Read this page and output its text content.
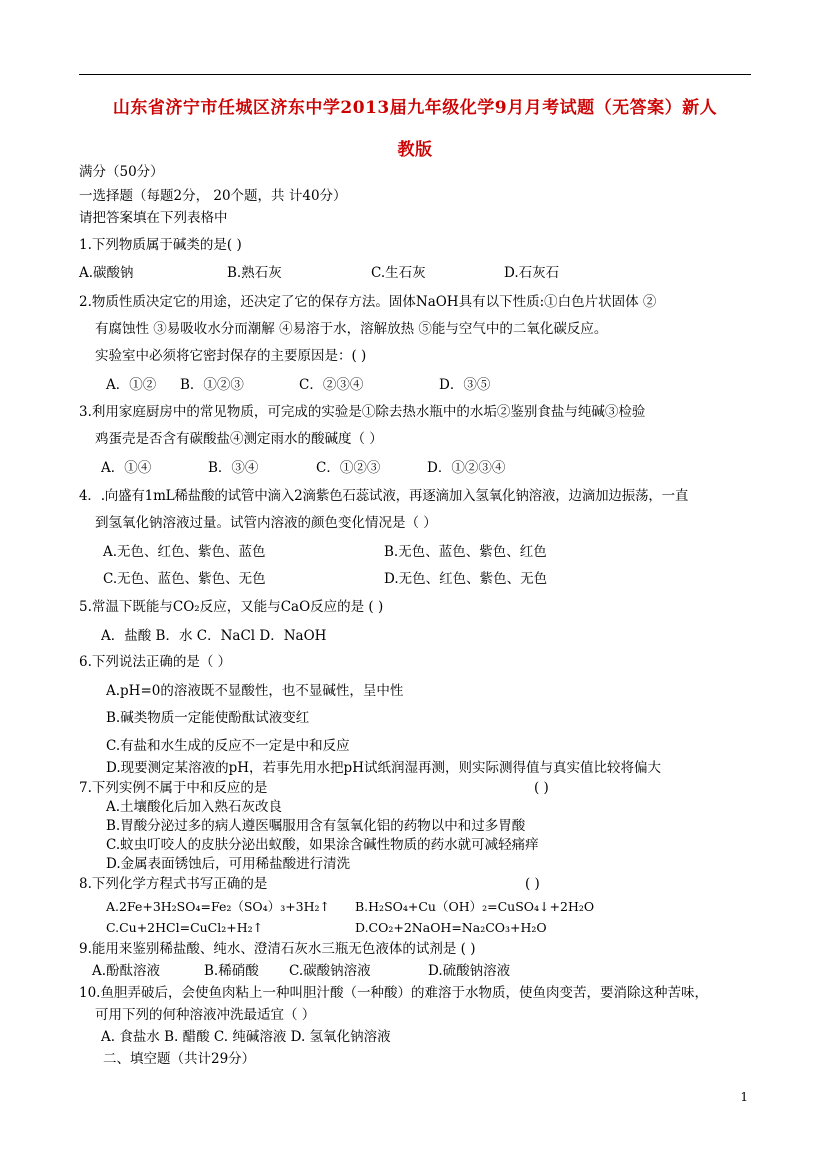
山东省济宁市任城区济东中学2013届九年级化学9月月考试题（无答案）新人
教版
满分（50分）
一选择题（每题2分， 20个题，共 计40分）
请把答案填在下列表格中
1.下列物质属于碱类的是( )
A.碳酸钠	B.熟石灰	C.生石灰	D.石灰石
2.物质性质决定它的用途，还决定了它的保存方法。固体NaOH具有以下性质:①白色片状固体 ②
有腐蚀性 ③易吸收水分而潮解 ④易溶于水，溶解放热 ⑤能与空气中的二氧化碳反应。
实验室中必须将它密封保存的主要原因是：( )
A．①② B．①②③	C．②③④	D．③⑤
3.利用家庭厨房中的常见物质，可完成的实验是①除去热水瓶中的水垢②鉴别食盐与纯碱③检验
鸡蛋壳是否含有碳酸盐④测定雨水的酸碱度（ ）
A．①④	B．③④	C．①②③	D．①②③④
4．.向盛有1mL稀盐酸的试管中滴入2滴紫色石蕊试液，再逐滴加入氢氧化钠溶液，边滴加边振荡，一直
到氢氧化钠溶液过量。试管内溶液的颜色变化情况是（ ）
A.无色、红色、紫色、蓝色	B.无色、蓝色、紫色、红色
C.无色、蓝色、紫色、无色	D.无色、红色、紫色、无色
5.常温下既能与CO₂反应，又能与CaO反应的是 ( )
A．盐酸 B．水 C．NaCl D．NaOH
6.下列说法正确的是（ ）
A.pH=0的溶液既不显酸性，也不显碱性，呈中性
B.碱类物质一定能使酚酞试液变红
C.有盐和水生成的反应不一定是中和反应
D.现要测定某溶液的pH，若事先用水把pH试纸润湿再测，则实际测得值与真实值比较将偏大
7.下列实例不属于中和反应的是	( )
A.土壤酸化后加入熟石灰改良
B.胃酸分泌过多的病人遵医嘱服用含有氢氧化铝的药物以中和过多胃酸
C.蚊虫叮咬人的皮肤分泌出蚁酸，如果涂含碱性物质的药水就可减轻痛痒
D.金属表面锈蚀后，可用稀盐酸进行清洗
8.下列化学方程式书写正确的是	( )
A.2Fe+3H₂SO₄=Fe₂（SO₄）₃+3H₂↑ B.H₂SO₄+Cu（OH）₂=CuSO₄↓+2H₂O
C.Cu+2HCl=CuCl₂+H₂↑	D.CO₂+2NaOH=Na₂CO₃+H₂O
9.能用来鉴别稀盐酸、纯水、澄清石灰水三瓶无色液体的试剂是 ( )
A.酚酞溶液	B.稀硝酸 C.碳酸钠溶液	D.硫酸钠溶液
10.鱼胆弄破后，会使鱼肉粘上一种叫胆汁酸（一种酸）的难溶于水物质，使鱼肉变苦，要消除这种苦味，
可用下列的何种溶液冲洗最适宜（ ）
A. 食盐水 B. 醋酸 C. 纯碱溶液 D. 氢氧化钠溶液
二、填空题（共计29分）
1
